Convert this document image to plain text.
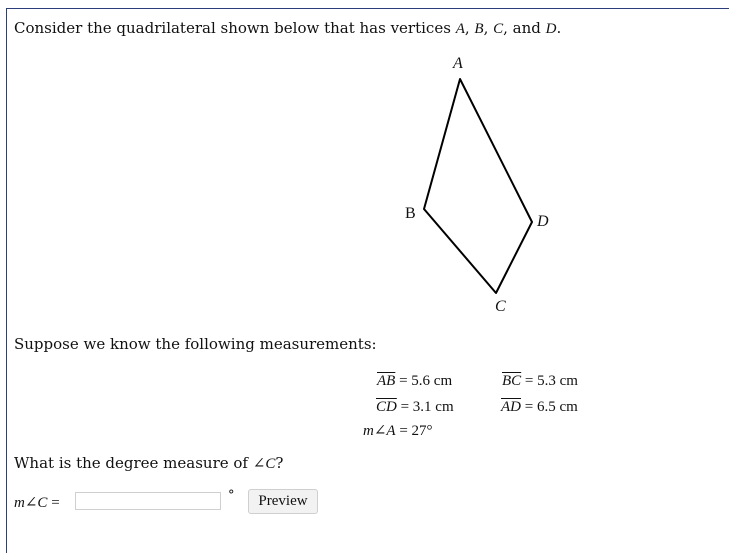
Consider the quadrilateral shown below that has vertices A, B, C, and D.
A
B
C
D
Suppose we know the following measurements:
$\overline{AB} = 5.6$ cm	$\overline{BC} = 5.3$ cm
$\overline{CD} = 3.1$ cm	$\overline{AD} = 6.5$ cm
m∠A = 27°
What is the degree measure of ∠C?
m∠C =	°	Preview
